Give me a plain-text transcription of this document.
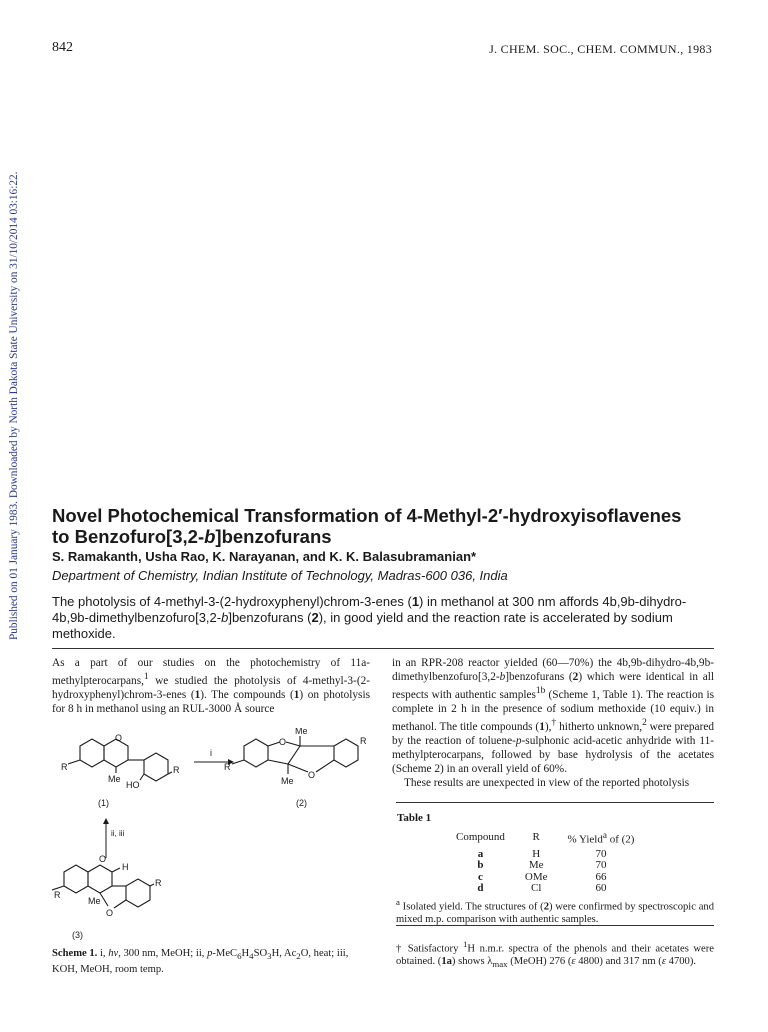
842	J. CHEM. SOC., CHEM. COMMUN., 1983
Published on 01 January 1983. Downloaded by North Dakota State University on 31/10/2014 03:16:22. Novel Photochemical Transformation of 4-Methyl-2′-hydroxyisoflavenes
to Benzofuro[3,2-b]benzofurans
S. Ramakanth, Usha Rao, K. Narayanan, and K. K. Balasubramanian*
Department of Chemistry, Indian Institute of Technology, Madras-600 036, India
The photolysis of 4-methyl-3-(2-hydroxyphenyl)chrom-3-enes (1) in methanol at 300 nm affords 4b,9b-dihydro-4b,9b-dimethylbenzofuro[3,2-b]benzofurans (2), in good yield and the reaction rate is accelerated by sodium methoxide.

As a part of our studies on the photochemistry of 11a-methylpterocarpans,$^1$ we studied the photolysis of 4-methyl-3-(2-hydroxyphenyl)chrom-3-enes (1). The compounds (1) on photolysis for 8 h in methanol using an RUL-3000 Å source

O
R
Me
R
HO
i
O
O
Me
Me
R
R
(1)	(2)
ii, iii
O
H
R
Me
O
R
(3)
Scheme 1. i, hν, 300 nm, MeOH; ii, $p-MeC_6H_4SO_3H$, $Ac_2O$, heat; iii, KOH, MeOH, room temp.

in an RPR-208 reactor yielded (60—70%) the 4b,9b-dihydro-4b,9b-dimethylbenzofuro[3,2-b]benzofurans (2) which were identical in all respects with authentic samples$^{1b}$ (Scheme 1, Table 1). The reaction is complete in 2 h in the presence of sodium methoxide (10 equiv.) in methanol. The title compounds (1),† hitherto unknown,$^2$ were prepared by the reaction of toluene-p-sulphonic acid-acetic anhydride with 11-methylpterocarpans, followed by base hydrolysis of the acetates (Scheme 2) in an overall yield of 60%.

These results are unexpected in view of the reported photolysis

Table 1
Compound	R	% Yield$^a$ of (2)
a	H	70
b	Me	70
c	OMe	66
d	Cl	60
$^a$ Isolated yield. The structures of (2) were confirmed by spectroscopic and mixed m.p. comparison with authentic samples.
† Satisfactory $^1$H n.m.r. spectra of the phenols and their acetates were obtained. (1a) shows $\lambda_{max}$ (MeOH) 276 (ε 4800) and 317 nm (ε 4700).
